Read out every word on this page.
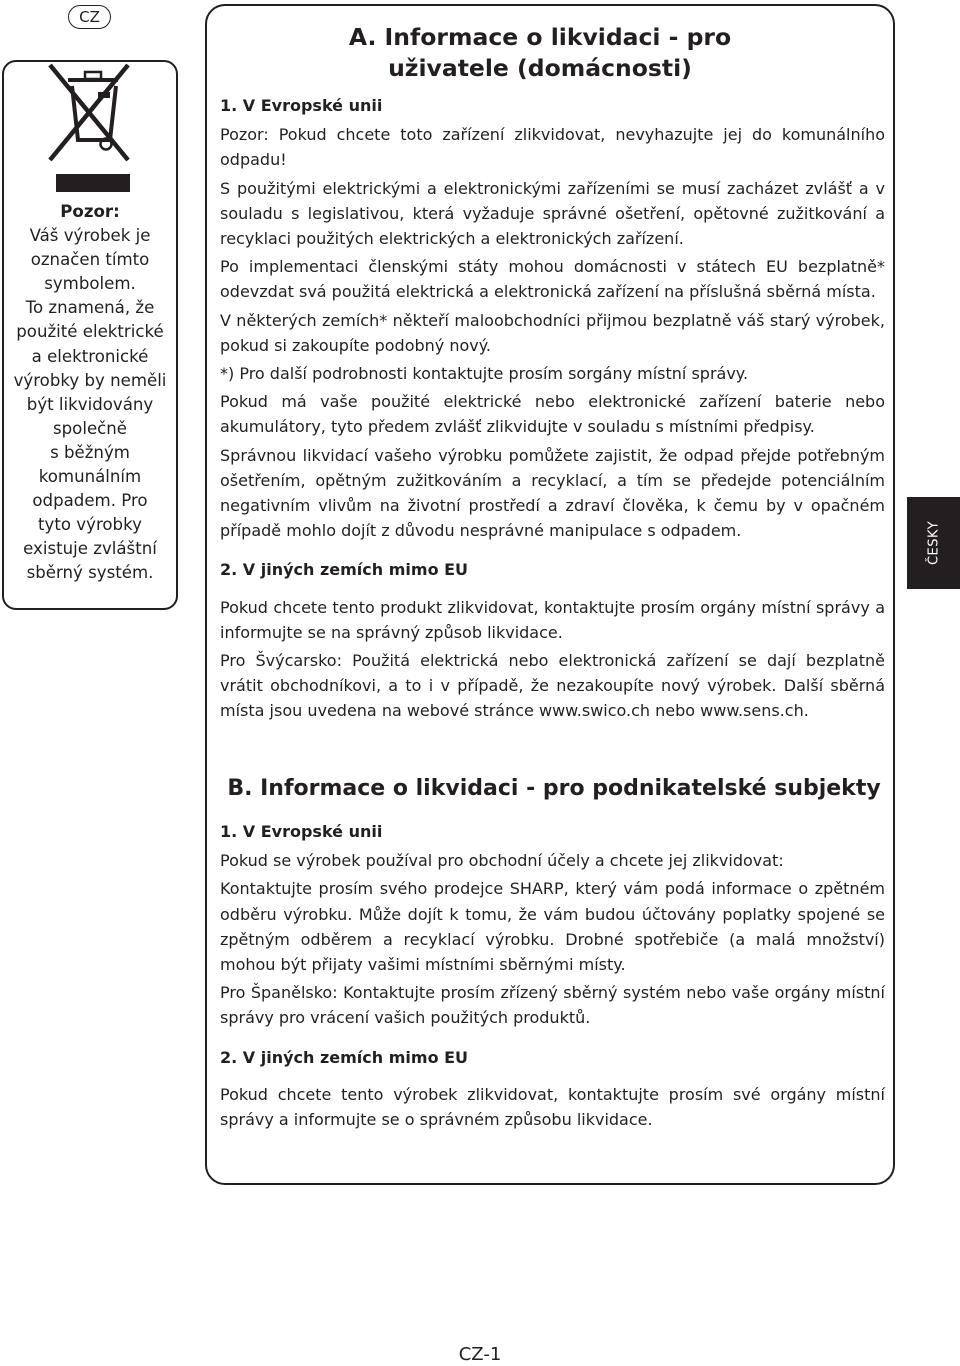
CZ
Pozor:
Váš výrobek je
označen tímto
symbolem.
To znamená, že
použité elektrické
a elektronické
výrobky by neměli
být likvidovány
společně
s běžným
komunálním
odpadem. Pro
tyto výrobky
existuje zvláštní
sběrný systém.
A. Informace o likvidaci - pro uživatele (domácnosti)

1. V Evropské unii

Pozor: Pokud chcete toto zařízení zlikvidovat, nevyhazujte jej do komunálního odpadu!

S použitými elektrickými a elektronickými zařízeními se musí zacházet zvlášť a v souladu s legislativou, která vyžaduje správné ošetření, opětovné zužitkování a recyklaci použitých elektrických a elektronických zařízení.

Po implementaci členskými státy mohou domácnosti v státech EU bezplatně* odevzdat svá použitá elektrická a elektronická zařízení na příslušná sběrná místa.

V některých zemích* někteří maloobchodníci přijmou bezplatně váš starý výrobek, pokud si zakoupíte podobný nový.

*) Pro další podrobnosti kontaktujte prosím sorgány místní správy.

Pokud má vaše použité elektrické nebo elektronické zařízení baterie nebo akumulátory, tyto předem zvlášť zlikvidujte v souladu s místními předpisy.

Správnou likvidací vašeho výrobku pomůžete zajistit, že odpad přejde potřebným ošetřením, opětným zužitkováním a recyklací, a tím se předejde potenciálním negativním vlivům na životní prostředí a zdraví člověka, k čemu by v opačném případě mohlo dojít z důvodu nesprávné manipulace s odpadem.

2. V jiných zemích mimo EU

Pokud chcete tento produkt zlikvidovat, kontaktujte prosím orgány místní správy a informujte se na správný způsob likvidace.

Pro Švýcarsko: Použitá elektrická nebo elektronická zařízení se dají bezplatně vrátit obchodníkovi, a to i v případě, že nezakoupíte nový výrobek. Další sběrná místa jsou uvedena na webové stránce www.swico.ch nebo www.sens.ch.

B. Informace o likvidaci - pro podnikatelské subjekty

1. V Evropské unii

Pokud se výrobek používal pro obchodní účely a chcete jej zlikvidovat:

Kontaktujte prosím svého prodejce SHARP, který vám podá informace o zpětném odběru výrobku. Může dojít k tomu, že vám budou účtovány poplatky spojené se zpětným odběrem a recyklací výrobku. Drobné spotřebiče (a malá množství) mohou být přijaty vašimi místními sběrnými místy.

Pro Španělsko: Kontaktujte prosím zřízený sběrný systém nebo vaše orgány místní správy pro vrácení vašich použitých produktů.

2. V jiných zemích mimo EU

Pokud chcete tento výrobek zlikvidovat, kontaktujte prosím své orgány místní správy a informujte se o správném způsobu likvidace.

ČESKY
CZ-1
